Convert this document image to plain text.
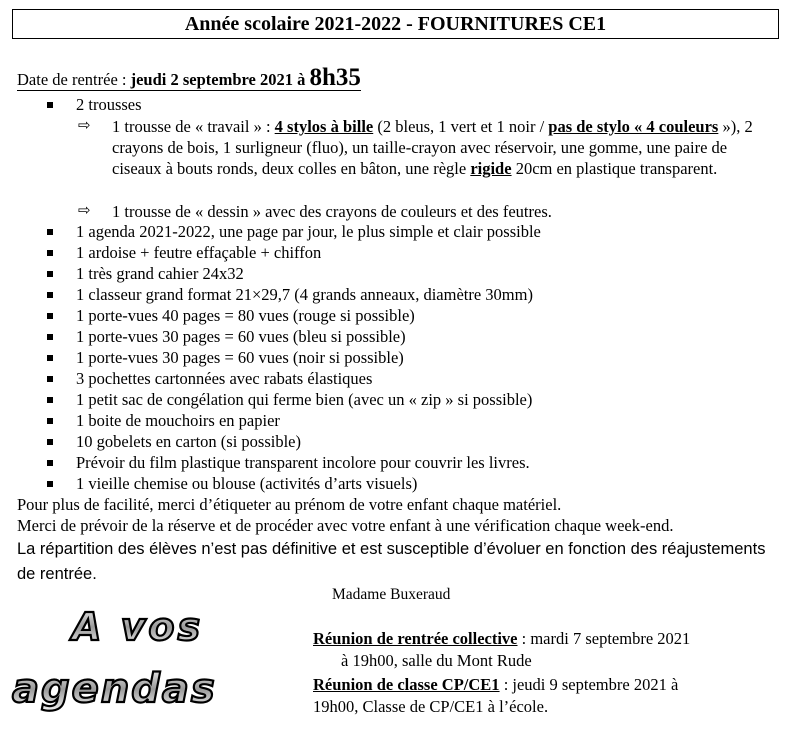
Année scolaire 2021-2022 - FOURNITURES CE1
Date de rentrée : jeudi 2 septembre 2021 à 8h35
2 trousses
⇨ 1 trousse de « travail » : 4 stylos à bille (2 bleus, 1 vert et 1 noir / pas de stylo « 4 couleurs »), 2 crayons de bois, 1 surligneur (fluo), un taille-crayon avec réservoir, une gomme, une paire de ciseaux à bouts ronds, deux colles en bâton, une règle rigide 20cm en plastique transparent.
⇨ 1 trousse de « dessin » avec des crayons de couleurs et des feutres.
1 agenda 2021-2022, une page par jour, le plus simple et clair possible
1 ardoise + feutre effaçable + chiffon
1 très grand cahier 24x32
1 classeur grand format 21×29,7 (4 grands anneaux, diamètre 30mm)
1 porte-vues 40 pages = 80 vues (rouge si possible)
1 porte-vues 30 pages = 60 vues (bleu si possible)
1 porte-vues 30 pages = 60 vues (noir si possible)
3 pochettes cartonnées avec rabats élastiques
1 petit sac de congélation qui ferme bien (avec un « zip » si possible)
1 boite de mouchoirs en papier
10 gobelets en carton (si possible)
Prévoir du film plastique transparent incolore pour couvrir les livres.
1 vieille chemise ou blouse (activités d’arts visuels)
Pour plus de facilité, merci d’étiqueter au prénom de votre enfant chaque matériel.
Merci de prévoir de la réserve et de procéder avec votre enfant à une vérification chaque week-end.
La répartition des élèves n’est pas définitive et est susceptible d’évoluer en fonction des réajustements de rentrée.
Madame Buxeraud
A vos
agendas
Réunion de rentrée collective : mardi 7 septembre 2021
à 19h00, salle du Mont Rude
Réunion de classe CP/CE1 : jeudi 9 septembre 2021 à
19h00, Classe de CP/CE1 à l’école.
